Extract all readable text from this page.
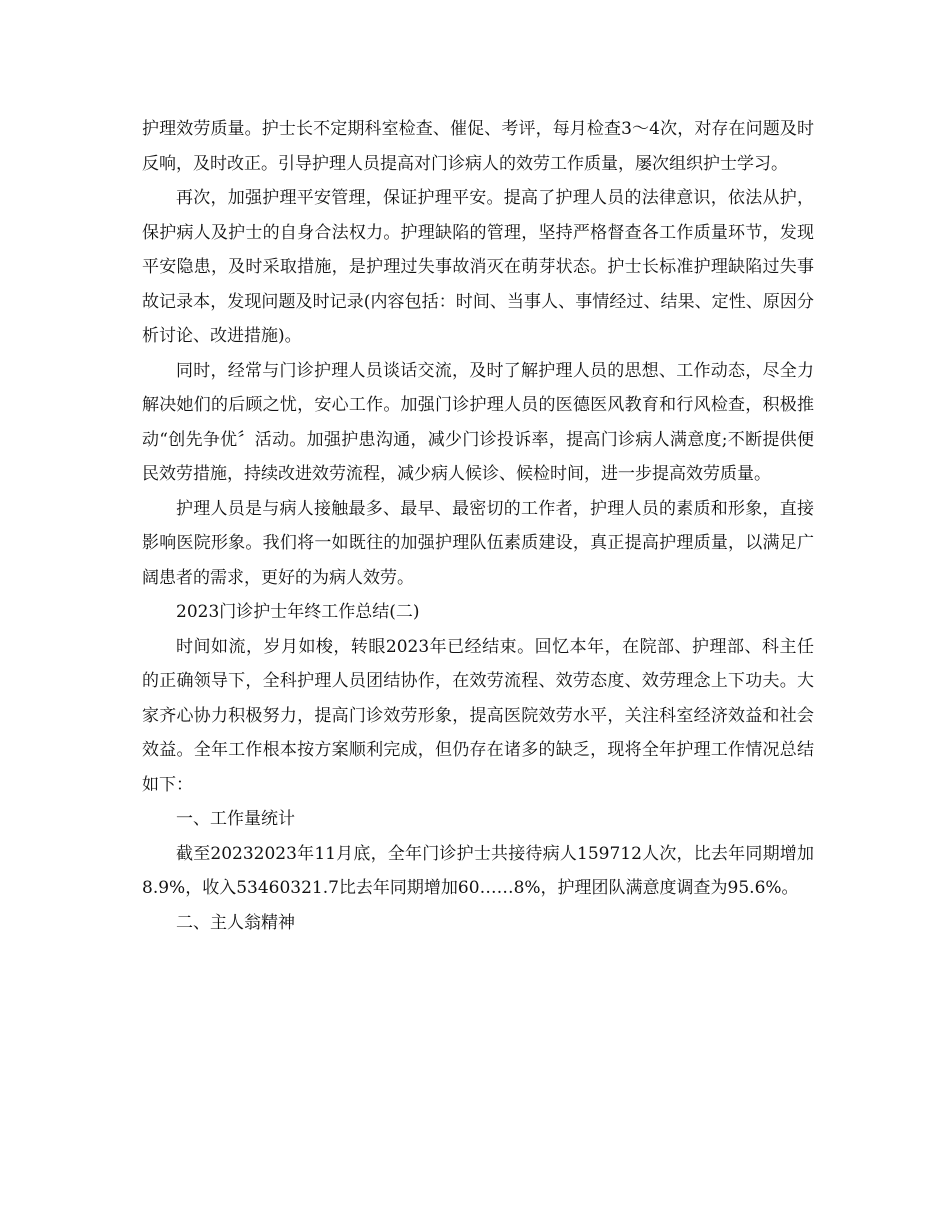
护理效劳质量。护士长不定期科室检查、催促、考评，每月检查3～4次，对存在问题及时反响，及时改正。引导护理人员提高对门诊病人的效劳工作质量，屡次组织护士学习。

再次，加强护理平安管理，保证护理平安。提高了护理人员的法律意识，依法从护，保护病人及护士的自身合法权力。护理缺陷的管理，坚持严格督查各工作质量环节，发现平安隐患，及时采取措施，是护理过失事故消灭在萌芽状态。护士长标准护理缺陷过失事故记录本，发现问题及时记录(内容包括：时间、当事人、事情经过、结果、定性、原因分析讨论、改进措施)。

同时，经常与门诊护理人员谈话交流，及时了解护理人员的思想、工作动态，尽全力解决她们的后顾之忧，安心工作。加强门诊护理人员的医德医风教育和行风检查，积极推动“创先争优〞活动。加强护患沟通，减少门诊投诉率，提高门诊病人满意度;不断提供便民效劳措施，持续改进效劳流程，减少病人候诊、候检时间，进一步提高效劳质量。

护理人员是与病人接触最多、最早、最密切的工作者，护理人员的素质和形象，直接影响医院形象。我们将一如既往的加强护理队伍素质建设，真正提高护理质量，以满足广阔患者的需求，更好的为病人效劳。

2023门诊护士年终工作总结(二)

时间如流，岁月如梭，转眼2023年已经结束。回忆本年，在院部、护理部、科主任的正确领导下，全科护理人员团结协作，在效劳流程、效劳态度、效劳理念上下功夫。大家齐心协力积极努力，提高门诊效劳形象，提高医院效劳水平，关注科室经济效益和社会效益。全年工作根本按方案顺利完成，但仍存在诸多的缺乏，现将全年护理工作情况总结如下：

一、工作量统计

截至20232023年11月底，全年门诊护士共接待病人159712人次，比去年同期增加8.9%，收入53460321.7比去年同期增加60……8%，护理团队满意度调查为95.6%。

二、主人翁精神
